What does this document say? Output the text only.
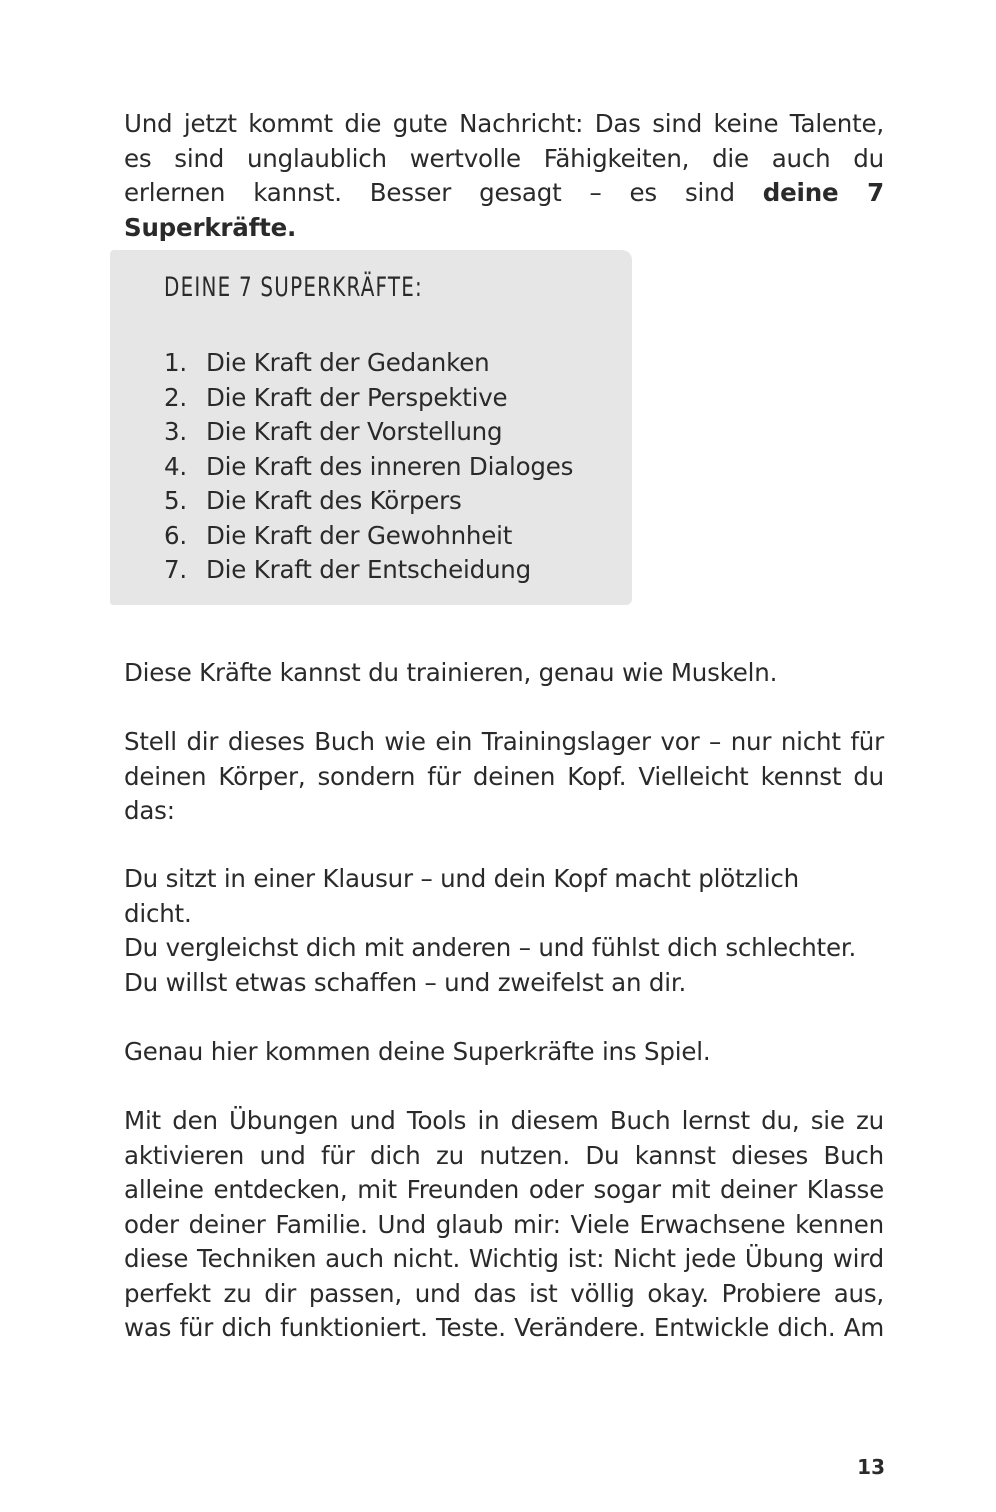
Und jetzt kommt die gute Nachricht: Das sind keine Talente, es sind unglaublich wertvolle Fähigkeiten, die auch du erlernen kannst. Besser gesagt – es sind deine 7 Superkräfte.

DEINE 7 SUPERKRÄFTE:
1. Die Kraft der Gedanken
2. Die Kraft der Perspektive
3. Die Kraft der Vorstellung
4. Die Kraft des inneren Dialoges
5. Die Kraft des Körpers
6. Die Kraft der Gewohnheit
7. Die Kraft der Entscheidung

Diese Kräfte kannst du trainieren, genau wie Muskeln.

Stell dir dieses Buch wie ein Trainingslager vor – nur nicht für deinen Körper, sondern für deinen Kopf. Vielleicht kennst du das:

Du sitzt in einer Klausur – und dein Kopf macht plötzlich dicht.

Du vergleichst dich mit anderen – und fühlst dich schlechter.

Du willst etwas schaffen – und zweifelst an dir.

Genau hier kommen deine Superkräfte ins Spiel.

Mit den Übungen und Tools in diesem Buch lernst du, sie zu aktivieren und für dich zu nutzen. Du kannst dieses Buch alleine entdecken, mit Freunden oder sogar mit deiner Klasse oder deiner Familie. Und glaub mir: Viele Erwachsene kennen diese Techniken auch nicht. Wichtig ist: Nicht jede Übung wird perfekt zu dir passen, und das ist völlig okay. Probiere aus, was für dich funktioniert. Teste. Verändere. Entwickle dich. Am

13
